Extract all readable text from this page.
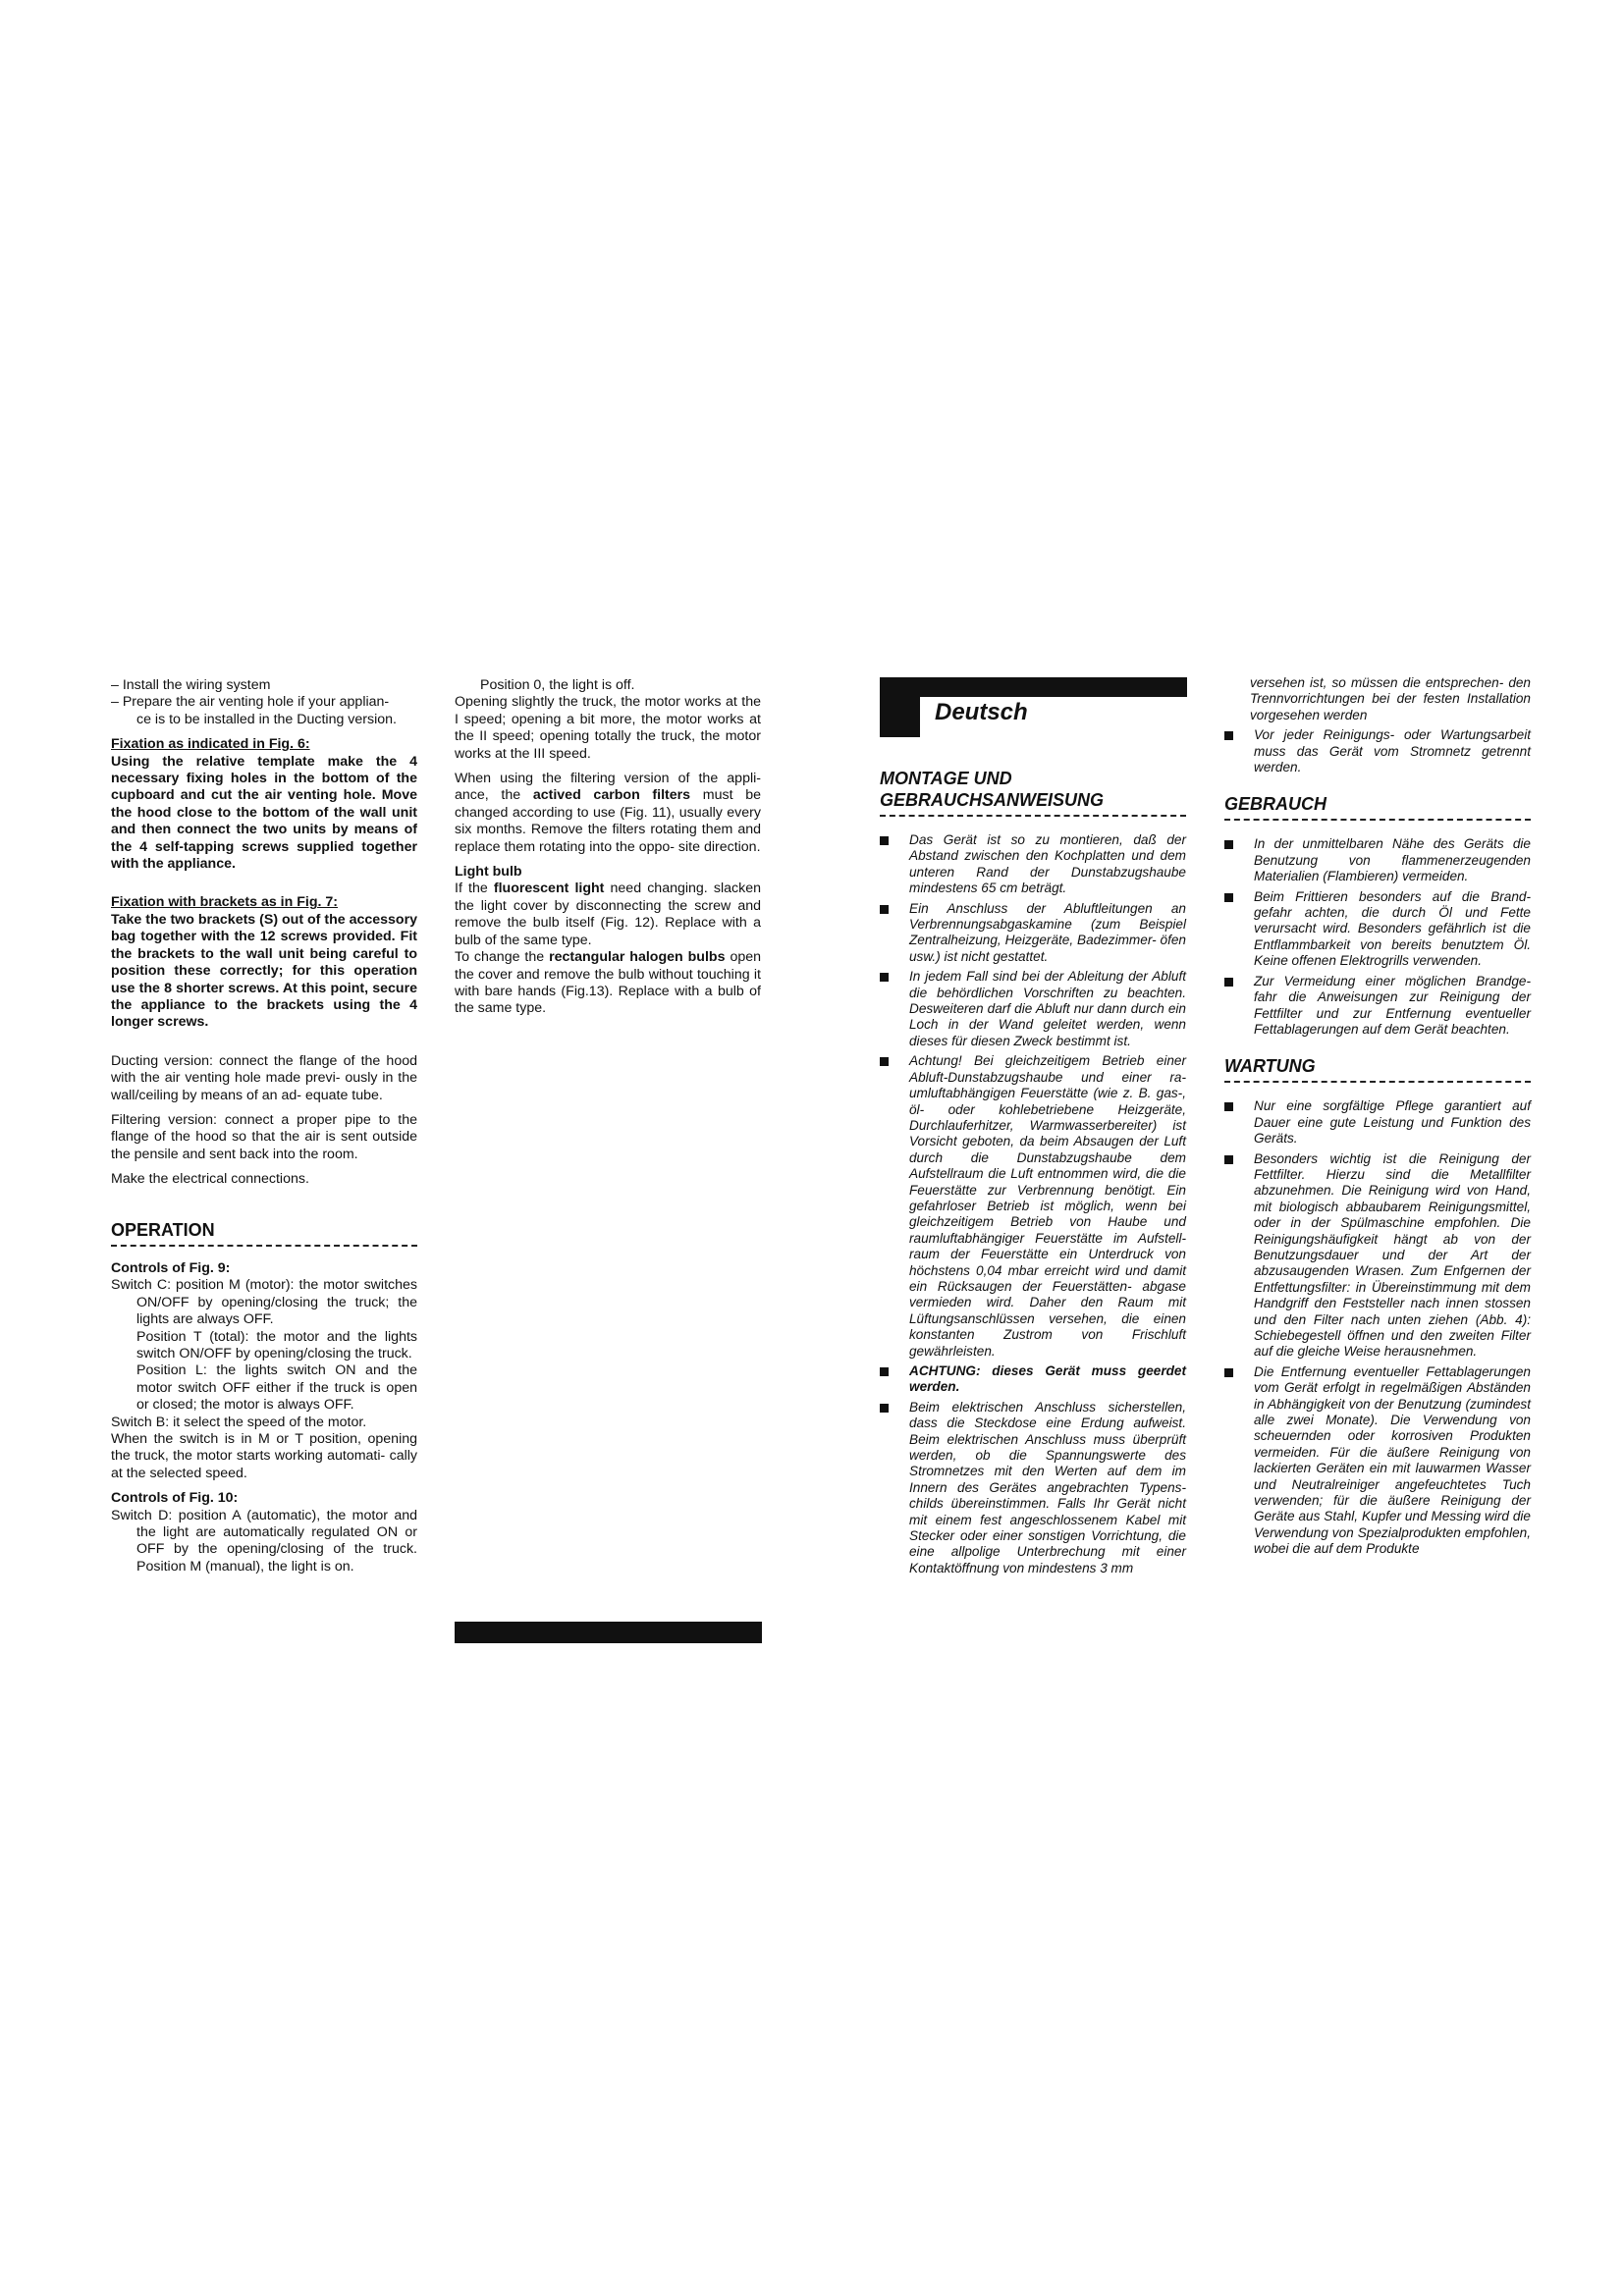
– Install the wiring system

– Prepare the air venting hole if your applian-

ce is to be installed in the Ducting version.

Fixation as indicated in Fig. 6:

Using the relative template make the 4 necessary fixing holes in the bottom of the cupboard and cut the air venting hole. Move the hood close to the bottom of the wall unit and then connect the two units by means of the 4 self-tapping screws supplied together with the appliance.

Fixation with brackets as in Fig. 7:

Take the two brackets (S) out of the accessory bag together with the 12 screws provided. Fit the brackets to the wall unit being careful to position these correctly; for this operation use the 8 shorter screws. At this point, secure the appliance to the brackets using the 4 longer screws.

Ducting version: connect the flange of the hood with the air venting hole made previ- ously in the wall/ceiling by means of an ad- equate tube.

Filtering version: connect a proper pipe to the flange of the hood so that the air is sent outside the pensile and sent back into the room.

Make the electrical connections.

OPERATION

Controls of Fig. 9:

Switch C: position M (motor): the motor switches ON/OFF by opening/closing the truck; the lights are always OFF.

Position T (total): the motor and the lights switch ON/OFF by opening/closing the truck.

Position L: the lights switch ON and the motor switch OFF either if the truck is open or closed; the motor is always OFF.

Switch B: it select the speed of the motor.

When the switch is in M or T position, opening the truck, the motor starts working automati- cally at the selected speed.

Controls of Fig. 10:

Switch D: position A (automatic), the motor and the light are automatically regulated ON or OFF by the opening/closing of the truck. Position M (manual), the light is on.

Position 0, the light is off.

Opening slightly the truck, the motor works at the I speed; opening a bit more, the motor works at the II speed; opening totally the truck, the motor works at the III speed.

When using the filtering version of the appli- ance, the actived carbon filters must be changed according to use (Fig. 11), usually every six months. Remove the filters rotating them and replace them rotating into the oppo- site direction.

Light bulb

If the fluorescent light need changing. slacken the light cover by disconnecting the screw and remove the bulb itself (Fig. 12). Replace with a bulb of the same type.

To change the rectangular halogen bulbs open the cover and remove the bulb without touching it with bare hands (Fig.13). Replace with a bulb of the same type.

Deutsch
MONTAGE UND
GEBRAUCHSANWEISUNG
Das Gerät ist so zu montieren, daß der Abstand zwischen den Kochplatten und dem unteren Rand der Dunstabzugshaube mindestens 65 cm beträgt.
Ein Anschluss der Abluftleitungen an Verbrennungsabgaskamine (zum Beispiel Zentralheizung, Heizgeräte, Badezimmer- öfen usw.) ist nicht gestattet.
In jedem Fall sind bei der Ableitung der Abluft die behördlichen Vorschriften zu beachten. Desweiteren darf die Abluft nur dann durch ein Loch in der Wand geleitet werden, wenn dieses für diesen Zweck bestimmt ist.
Achtung! Bei gleichzeitigem Betrieb einer Abluft-Dunstabzugshaube und einer ra- umluftabhängigen Feuerstätte (wie z. B. gas-, öl- oder kohlebetriebene Heizgeräte, Durchlauferhitzer, Warmwasserbereiter) ist Vorsicht geboten, da beim Absaugen der Luft durch die Dunstabzugshaube dem Aufstellraum die Luft entnommen wird, die die Feuerstätte zur Verbrennung benötigt. Ein gefahrloser Betrieb ist möglich, wenn bei gleichzeitigem Betrieb von Haube und raumluftabhängiger Feuerstätte im Aufstell- raum der Feuerstätte ein Unterdruck von höchstens 0,04 mbar erreicht wird und damit ein Rücksaugen der Feuerstätten- abgase vermieden wird. Daher den Raum mit Lüftungsanschlüssen versehen, die einen konstanten Zustrom von Frischluft gewährleisten.
ACHTUNG: dieses Gerät muss geerdet werden.
Beim elektrischen Anschluss sicherstellen, dass die Steckdose eine Erdung aufweist. Beim elektrischen Anschluss muss überprüft werden, ob die Spannungswerte des Stromnetzes mit den Werten auf dem im Innern des Gerätes angebrachten Typens- childs übereinstimmen. Falls Ihr Gerät nicht mit einem fest angeschlossenem Kabel mit Stecker oder einer sonstigen Vorrichtung, die eine allpolige Unterbrechung mit einer Kontaktöffnung von mindestens 3 mm

versehen ist, so müssen die entsprechen- den Trennvorrichtungen bei der festen Installation vorgesehen werden

Vor jeder Reinigungs- oder Wartungsarbeit muss das Gerät vom Stromnetz getrennt werden.
GEBRAUCH
In der unmittelbaren Nähe des Geräts die Benutzung von flammenerzeugenden Materialien (Flambieren) vermeiden.
Beim Frittieren besonders auf die Brand- gefahr achten, die durch Öl und Fette verursacht wird. Besonders gefährlich ist die Entflammbarkeit von bereits benutztem Öl. Keine offenen Elektrogrills verwenden.
Zur Vermeidung einer möglichen Brandge- fahr die Anweisungen zur Reinigung der Fettfilter und zur Entfernung eventueller Fettablagerungen auf dem Gerät beachten.
WARTUNG
Nur eine sorgfältige Pflege garantiert auf Dauer eine gute Leistung und Funktion des Geräts.
Besonders wichtig ist die Reinigung der Fettfilter. Hierzu sind die Metallfilter abzunehmen. Die Reinigung wird von Hand, mit biologisch abbaubarem Reinigungsmittel, oder in der Spülmaschine empfohlen. Die Reinigungshäufigkeit hängt ab von der Benutzungsdauer und der Art der abzusaugenden Wrasen. Zum Enfgernen der Entfettungsfilter: in Übereinstimmung mit dem Handgriff den Feststeller nach innen stossen und den Filter nach unten ziehen (Abb. 4): Schiebegestell öffnen und den zweiten Filter auf die gleiche Weise herausnehmen.
Die Entfernung eventueller Fettablagerungen vom Gerät erfolgt in regelmäßigen Abständen in Abhängigkeit von der Benutzung (zumindest alle zwei Monate). Die Verwendung von scheuernden oder korrosiven Produkten vermeiden. Für die äußere Reinigung von lackierten Geräten ein mit lauwarmen Wasser und Neutralreiniger angefeuchtetes Tuch verwenden; für die äußere Reinigung der Geräte aus Stahl, Kupfer und Messing wird die Verwendung von Spezialprodukten empfohlen, wobei die auf dem Produkte
